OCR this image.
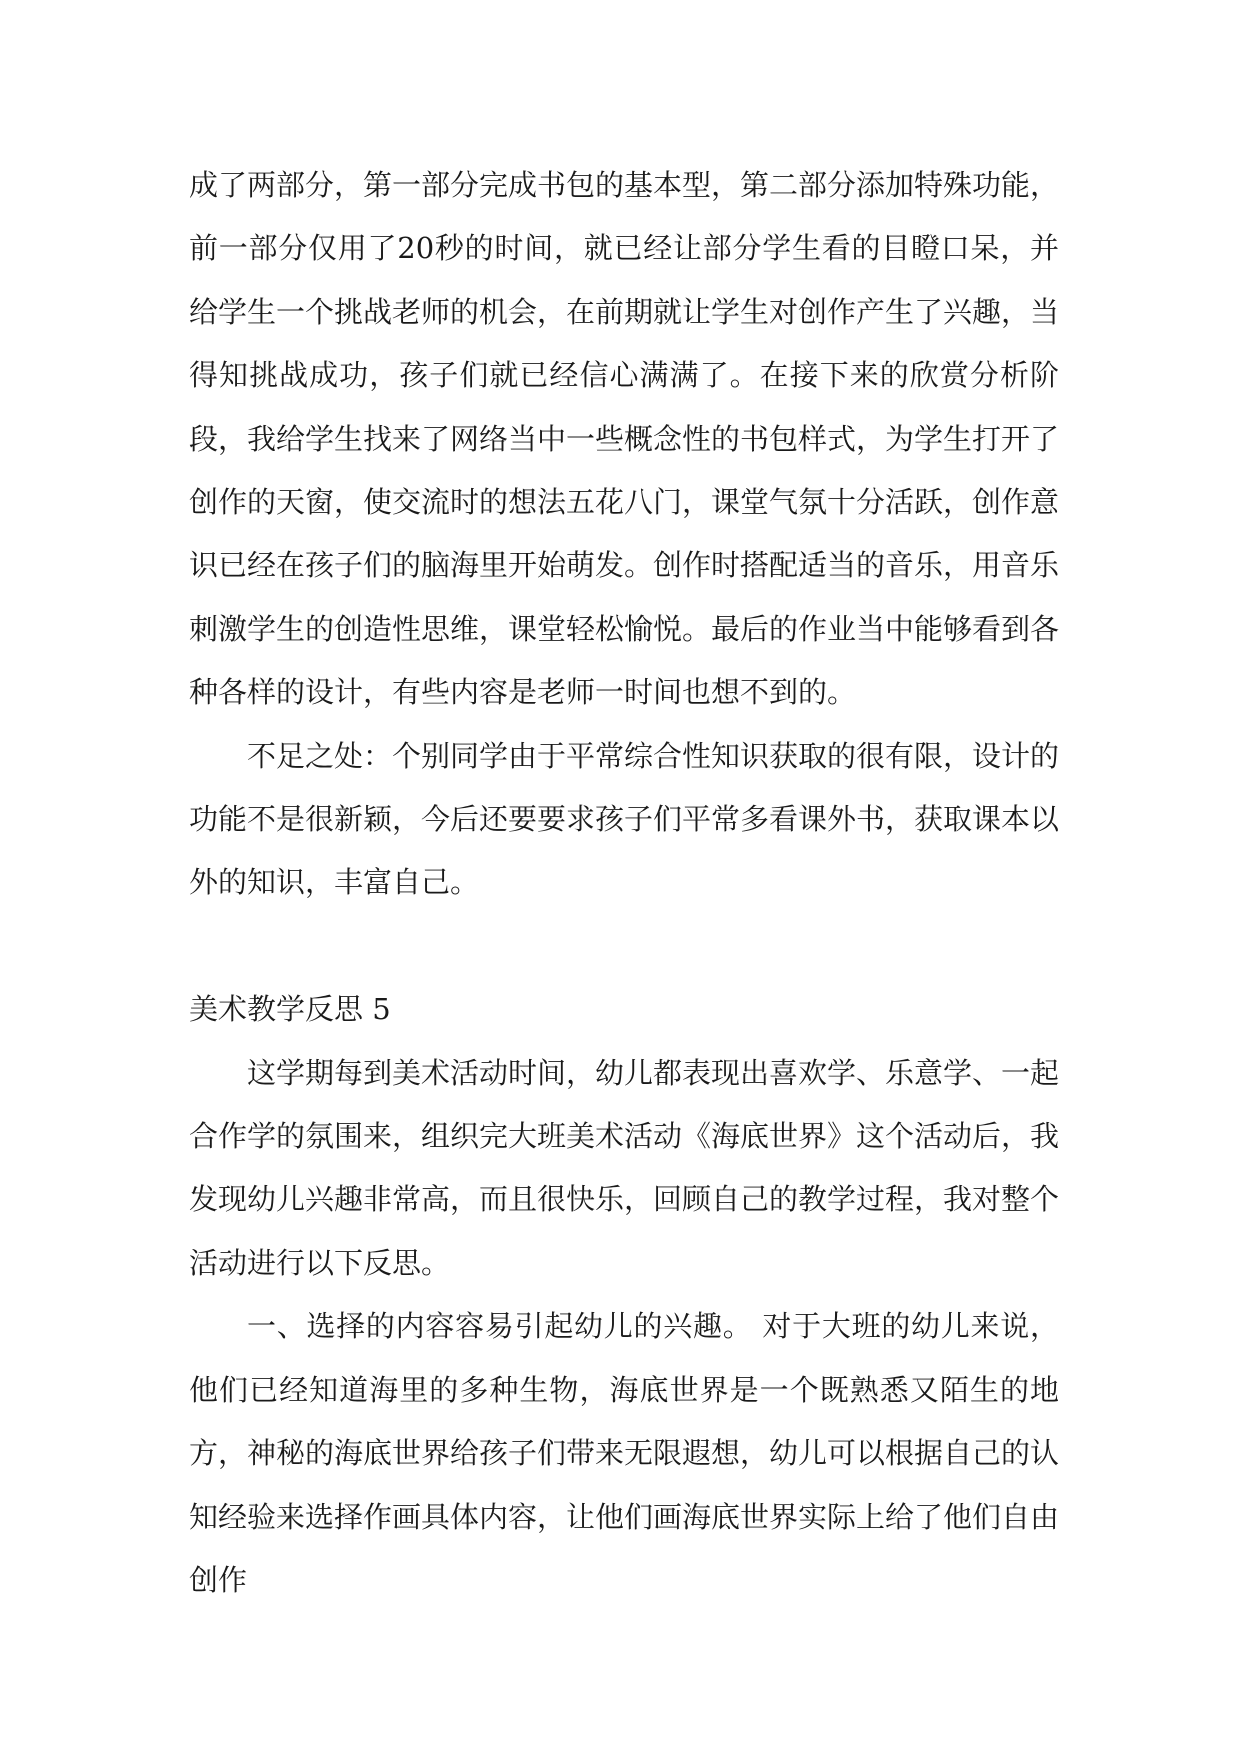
成了两部分，第一部分完成书包的基本型，第二部分添加特殊功能，前一部分仅用了20秒的时间，就已经让部分学生看的目瞪口呆，并给学生一个挑战老师的机会，在前期就让学生对创作产生了兴趣，当得知挑战成功，孩子们就已经信心满满了。在接下来的欣赏分析阶段，我给学生找来了网络当中一些概念性的书包样式，为学生打开了创作的天窗，使交流时的想法五花八门，课堂气氛十分活跃，创作意识已经在孩子们的脑海里开始萌发。创作时搭配适当的音乐，用音乐刺激学生的创造性思维，课堂轻松愉悦。最后的作业当中能够看到各种各样的设计，有些内容是老师一时间也想不到的。

不足之处：个别同学由于平常综合性知识获取的很有限，设计的功能不是很新颖，今后还要要求孩子们平常多看课外书，获取课本以外的知识，丰富自己。

美术教学反思 5

这学期每到美术活动时间，幼儿都表现出喜欢学、乐意学、一起合作学的氛围来，组织完大班美术活动《海底世界》这个活动后，我发现幼儿兴趣非常高，而且很快乐，回顾自己的教学过程，我对整个活动进行以下反思。

一、选择的内容容易引起幼儿的兴趣。 对于大班的幼儿来说，他们已经知道海里的多种生物，海底世界是一个既熟悉又陌生的地方，神秘的海底世界给孩子们带来无限遐想，幼儿可以根据自己的认知经验来选择作画具体内容，让他们画海底世界实际上给了他们自由创作
